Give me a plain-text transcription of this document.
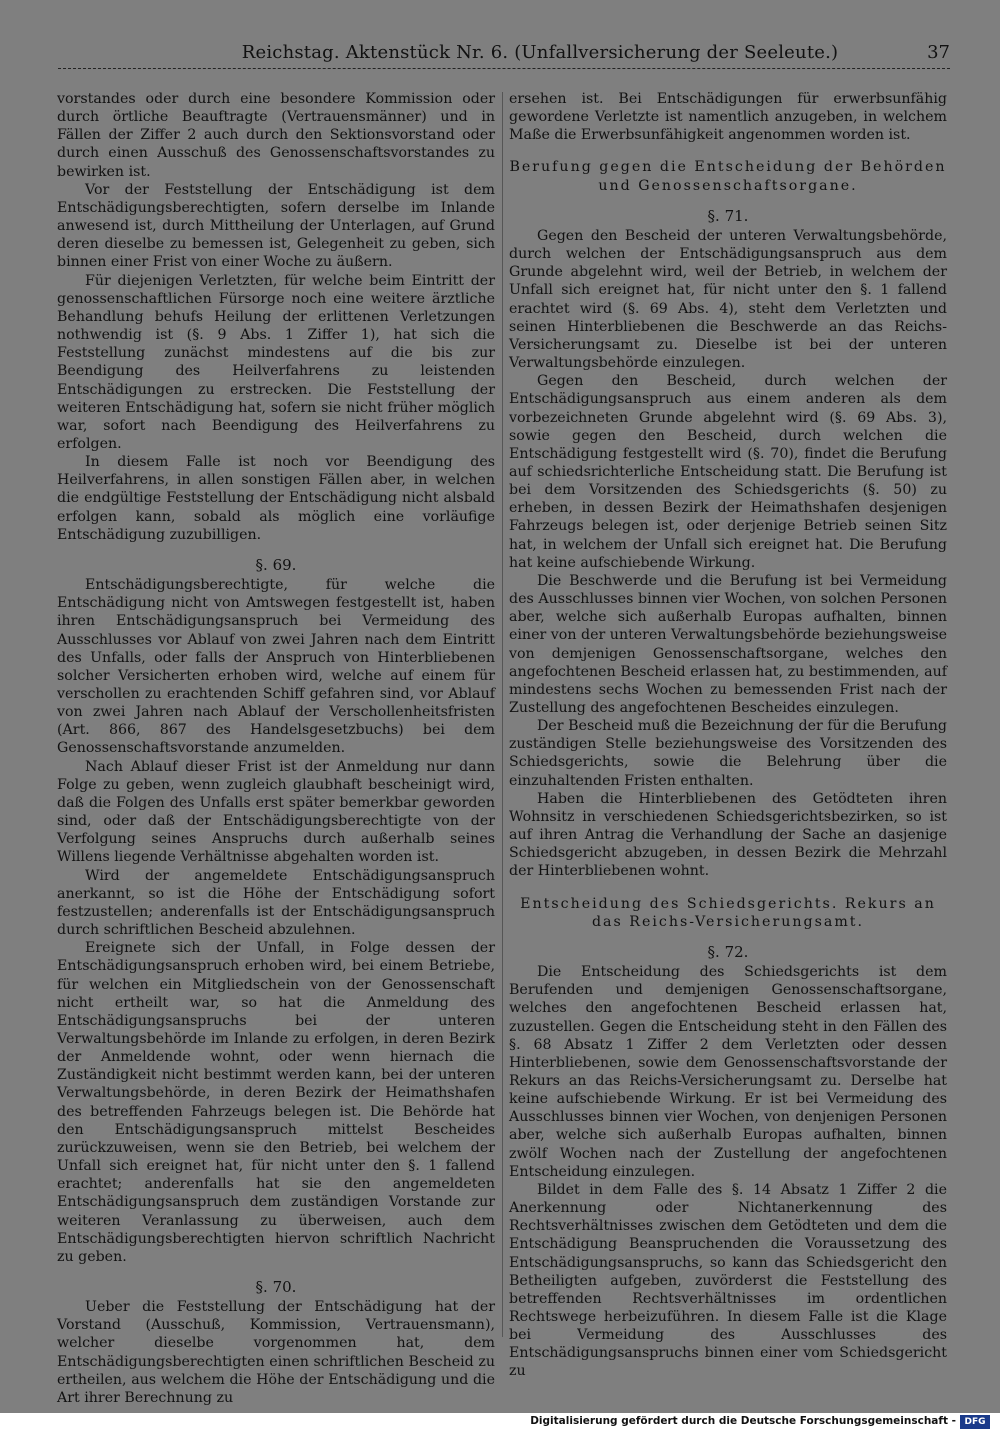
Reichstag. Aktenstück Nr. 6. (Unfallversicherung der Seeleute.)	37

vorstandes oder durch eine besondere Kommission oder durch örtliche Beauftragte (Vertrauensmänner) und in Fällen der Ziffer 2 auch durch den Sektionsvorstand oder durch einen Ausschuß des Genossenschaftsvorstandes zu bewirken ist.

Vor der Feststellung der Entschädigung ist dem Entschädigungsberechtigten, sofern derselbe im Inlande anwesend ist, durch Mittheilung der Unterlagen, auf Grund deren dieselbe zu bemessen ist, Gelegenheit zu geben, sich binnen einer Frist von einer Woche zu äußern.

Für diejenigen Verletzten, für welche beim Eintritt der genossenschaftlichen Fürsorge noch eine weitere ärztliche Behandlung behufs Heilung der erlittenen Verletzungen nothwendig ist (§. 9 Abs. 1 Ziffer 1), hat sich die Feststellung zunächst mindestens auf die bis zur Beendigung des Heilverfahrens zu leistenden Entschädigungen zu erstrecken. Die Feststellung der weiteren Entschädigung hat, sofern sie nicht früher möglich war, sofort nach Beendigung des Heilverfahrens zu erfolgen.

In diesem Falle ist noch vor Beendigung des Heilverfahrens, in allen sonstigen Fällen aber, in welchen die endgültige Feststellung der Entschädigung nicht alsbald erfolgen kann, sobald als möglich eine vorläufige Entschädigung zuzubilligen.

§. 69.

Entschädigungsberechtigte, für welche die Entschädigung nicht von Amtswegen festgestellt ist, haben ihren Entschädigungsanspruch bei Vermeidung des Ausschlusses vor Ablauf von zwei Jahren nach dem Eintritt des Unfalls, oder falls der Anspruch von Hinterbliebenen solcher Versicherten erhoben wird, welche auf einem für verschollen zu erachtenden Schiff gefahren sind, vor Ablauf von zwei Jahren nach Ablauf der Verschollenheitsfristen (Art. 866, 867 des Handelsgesetzbuchs) bei dem Genossenschaftsvorstande anzumelden.

Nach Ablauf dieser Frist ist der Anmeldung nur dann Folge zu geben, wenn zugleich glaubhaft bescheinigt wird, daß die Folgen des Unfalls erst später bemerkbar geworden sind, oder daß der Entschädigungsberechtigte von der Verfolgung seines Anspruchs durch außerhalb seines Willens liegende Verhältnisse abgehalten worden ist.

Wird der angemeldete Entschädigungsanspruch anerkannt, so ist die Höhe der Entschädigung sofort festzustellen; anderenfalls ist der Entschädigungsanspruch durch schriftlichen Bescheid abzulehnen.

Ereignete sich der Unfall, in Folge dessen der Entschädigungsanspruch erhoben wird, bei einem Betriebe, für welchen ein Mitgliedschein von der Genossenschaft nicht ertheilt war, so hat die Anmeldung des Entschädigungsanspruchs bei der unteren Verwaltungsbehörde im Inlande zu erfolgen, in deren Bezirk der Anmeldende wohnt, oder wenn hiernach die Zuständigkeit nicht bestimmt werden kann, bei der unteren Verwaltungsbehörde, in deren Bezirk der Heimathshafen des betreffenden Fahrzeugs belegen ist. Die Behörde hat den Entschädigungsanspruch mittelst Bescheides zurückzuweisen, wenn sie den Betrieb, bei welchem der Unfall sich ereignet hat, für nicht unter den §. 1 fallend erachtet; anderenfalls hat sie den angemeldeten Entschädigungsanspruch dem zuständigen Vorstande zur weiteren Veranlassung zu überweisen, auch dem Entschädigungsberechtigten hiervon schriftlich Nachricht zu geben.

§. 70.

Ueber die Feststellung der Entschädigung hat der Vorstand (Ausschuß, Kommission, Vertrauensmann), welcher dieselbe vorgenommen hat, dem Entschädigungsberechtigten einen schriftlichen Bescheid zu ertheilen, aus welchem die Höhe der Entschädigung und die Art ihrer Berechnung zu

ersehen ist. Bei Entschädigungen für erwerbsunfähig gewordene Verletzte ist namentlich anzugeben, in welchem Maße die Erwerbsunfähigkeit angenommen worden ist.

Berufung gegen die Entscheidung der Behörden und Genossenschaftsorgane.
§. 71.

Gegen den Bescheid der unteren Verwaltungsbehörde, durch welchen der Entschädigungsanspruch aus dem Grunde abgelehnt wird, weil der Betrieb, in welchem der Unfall sich ereignet hat, für nicht unter den §. 1 fallend erachtet wird (§. 69 Abs. 4), steht dem Verletzten und seinen Hinterbliebenen die Beschwerde an das Reichs-Versicherungsamt zu. Dieselbe ist bei der unteren Verwaltungsbehörde einzulegen.

Gegen den Bescheid, durch welchen der Entschädigungsanspruch aus einem anderen als dem vorbezeichneten Grunde abgelehnt wird (§. 69 Abs. 3), sowie gegen den Bescheid, durch welchen die Entschädigung festgestellt wird (§. 70), findet die Berufung auf schiedsrichterliche Entscheidung statt. Die Berufung ist bei dem Vorsitzenden des Schiedsgerichts (§. 50) zu erheben, in dessen Bezirk der Heimathshafen desjenigen Fahrzeugs belegen ist, oder derjenige Betrieb seinen Sitz hat, in welchem der Unfall sich ereignet hat. Die Berufung hat keine aufschiebende Wirkung.

Die Beschwerde und die Berufung ist bei Vermeidung des Ausschlusses binnen vier Wochen, von solchen Personen aber, welche sich außerhalb Europas aufhalten, binnen einer von der unteren Verwaltungsbehörde beziehungsweise von demjenigen Genossenschaftsorgane, welches den angefochtenen Bescheid erlassen hat, zu bestimmenden, auf mindestens sechs Wochen zu bemessenden Frist nach der Zustellung des angefochtenen Bescheides einzulegen.

Der Bescheid muß die Bezeichnung der für die Berufung zuständigen Stelle beziehungsweise des Vorsitzenden des Schiedsgerichts, sowie die Belehrung über die einzuhaltenden Fristen enthalten.

Haben die Hinterbliebenen des Getödteten ihren Wohnsitz in verschiedenen Schiedsgerichtsbezirken, so ist auf ihren Antrag die Verhandlung der Sache an dasjenige Schiedsgericht abzugeben, in dessen Bezirk die Mehrzahl der Hinterbliebenen wohnt.

Entscheidung des Schiedsgerichts. Rekurs an das Reichs-Versicherungsamt.
§. 72.

Die Entscheidung des Schiedsgerichts ist dem Berufenden und demjenigen Genossenschaftsorgane, welches den angefochtenen Bescheid erlassen hat, zuzustellen. Gegen die Entscheidung steht in den Fällen des §. 68 Absatz 1 Ziffer 2 dem Verletzten oder dessen Hinterbliebenen, sowie dem Genossenschaftsvorstande der Rekurs an das Reichs-Versicherungsamt zu. Derselbe hat keine aufschiebende Wirkung. Er ist bei Vermeidung des Ausschlusses binnen vier Wochen, von denjenigen Personen aber, welche sich außerhalb Europas aufhalten, binnen zwölf Wochen nach der Zustellung der angefochtenen Entscheidung einzulegen.

Bildet in dem Falle des §. 14 Absatz 1 Ziffer 2 die Anerkennung oder Nichtanerkennung des Rechtsverhältnisses zwischen dem Getödteten und dem die Entschädigung Beanspruchenden die Voraussetzung des Entschädigungsanspruchs, so kann das Schiedsgericht den Betheiligten aufgeben, zuvörderst die Feststellung des betreffenden Rechtsverhältnisses im ordentlichen Rechtswege herbeizuführen. In diesem Falle ist die Klage bei Vermeidung des Ausschlusses des Entschädigungsanspruchs binnen einer vom Schiedsgericht zu

Digitalisierung gefördert durch die Deutsche Forschungsgemeinschaft - DFG
